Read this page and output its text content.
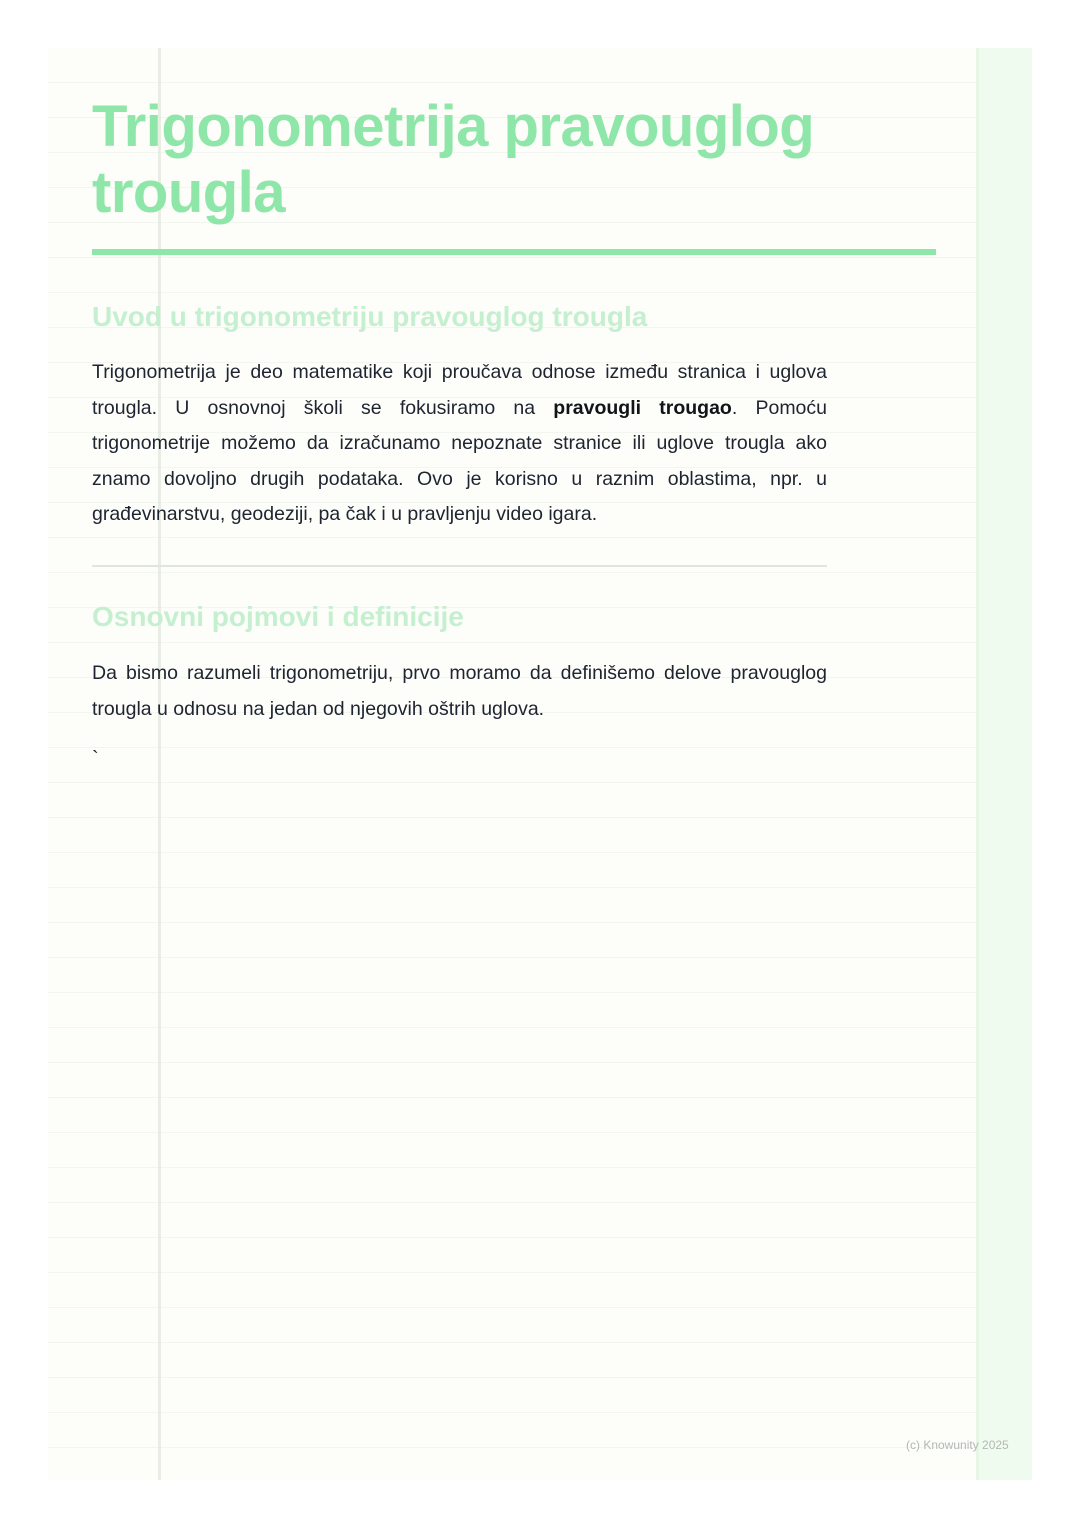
Trigonometrija pravouglog trougla
Uvod u trigonometriju pravouglog trougla

Trigonometrija je deo matematike koji proučava odnose između stranica i uglova trougla. U osnovnoj školi se fokusiramo na pravougli trougao. Pomoću trigonometrije možemo da izračunamo nepoznate stranice ili uglove trougla ako znamo dovoljno drugih podataka. Ovo je korisno u raznim oblastima, npr. u građevinarstvu, geodeziji, pa čak i u pravljenju video igara.

Osnovni pojmovi i definicije

Da bismo razumeli trigonometriju, prvo moramo da definišemo delove pravouglog trougla u odnosu na jedan od njegovih oštrih uglova.

`
(c) Knowunity 2025
